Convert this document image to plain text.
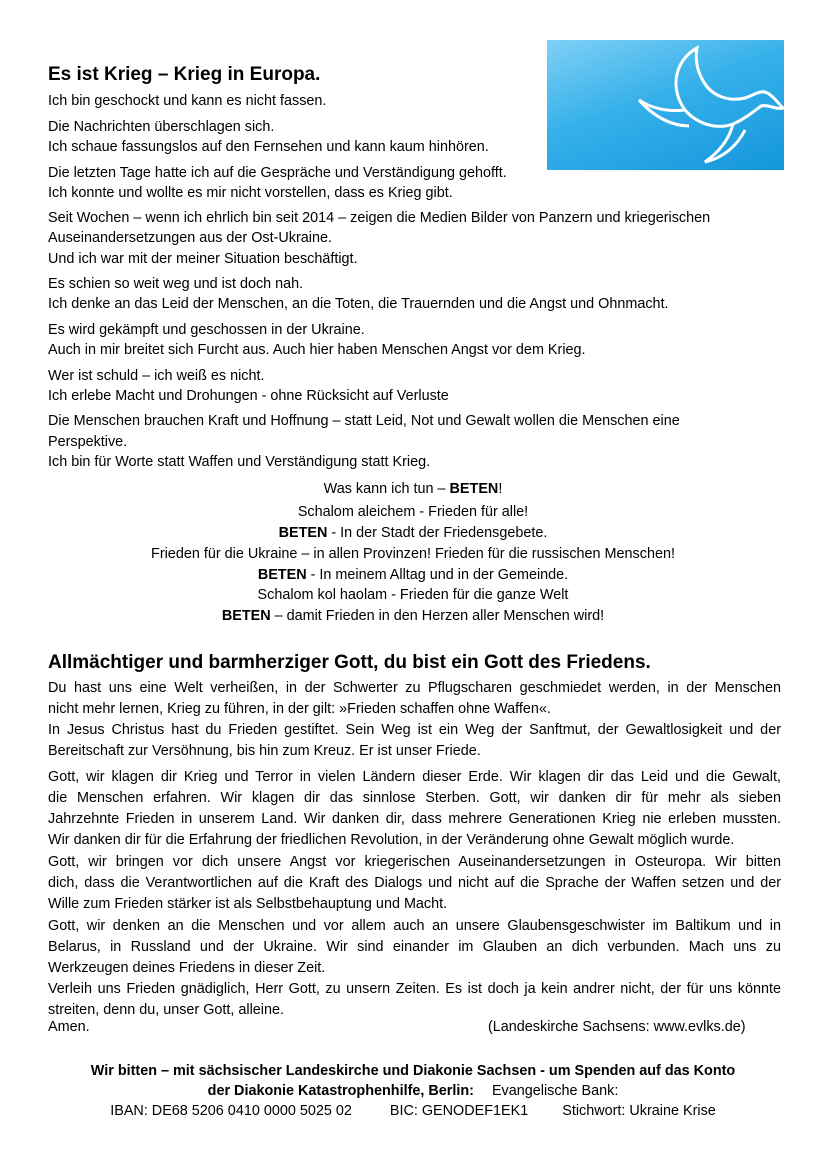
Es ist Krieg – Krieg in Europa.
Ich bin geschockt und kann es nicht fassen.
Die Nachrichten überschlagen sich.
Ich schaue fassungslos auf den Fernsehen und kann kaum hinhören.
Die letzten Tage hatte ich auf die Gespräche und Verständigung gehofft.
Ich konnte und wollte es mir nicht vorstellen, dass es Krieg gibt.
Seit Wochen – wenn ich ehrlich bin seit 2014 – zeigen die Medien Bilder von Panzern und kriegerischen
Auseinandersetzungen aus der Ost-Ukraine.
Und ich war mit der meiner Situation beschäftigt.
Es schien so weit weg und ist doch nah.
Ich denke an das Leid der Menschen, an die Toten, die Trauernden und die Angst und Ohnmacht.
Es wird gekämpft und geschossen in der Ukraine.
Auch in mir breitet sich Furcht aus. Auch hier haben Menschen Angst vor dem Krieg.
Wer ist schuld – ich weiß es nicht.
Ich erlebe Macht und Drohungen - ohne Rücksicht auf Verluste
Die Menschen brauchen Kraft und Hoffnung – statt Leid, Not und Gewalt wollen die Menschen eine
Perspektive.
Ich bin für Worte statt Waffen und Verständigung statt Krieg.
Was kann ich tun – BETEN!
Schalom aleichem - Frieden für alle!
BETEN - In der Stadt der Friedensgebete.
Frieden für die Ukraine – in allen Provinzen! Frieden für die russischen Menschen!
BETEN - In meinem Alltag und in der Gemeinde.
Schalom kol haolam - Frieden für die ganze Welt
BETEN – damit Frieden in den Herzen aller Menschen wird!
Allmächtiger und barmherziger Gott, du bist ein Gott des Friedens.
Du hast uns eine Welt verheißen, in der Schwerter zu Pflugscharen geschmiedet werden, in der Menschen
nicht mehr lernen, Krieg zu führen, in der gilt: »Frieden schaffen ohne Waffen«.
In Jesus Christus hast du Frieden gestiftet. Sein Weg ist ein Weg der Sanftmut, der Gewaltlosigkeit und der
Bereitschaft zur Versöhnung, bis hin zum Kreuz. Er ist unser Friede.
Gott, wir klagen dir Krieg und Terror in vielen Ländern dieser Erde. Wir klagen dir das Leid und die Gewalt,
die Menschen erfahren. Wir klagen dir das sinnlose Sterben. Gott, wir danken dir für mehr als sieben
Jahrzehnte Frieden in unserem Land. Wir danken dir, dass mehrere Generationen Krieg nie erleben mussten.
Wir danken dir für die Erfahrung der friedlichen Revolution, in der Veränderung ohne Gewalt möglich wurde.
Gott, wir bringen vor dich unsere Angst vor kriegerischen Auseinandersetzungen in Osteuropa. Wir bitten
dich, dass die Verantwortlichen auf die Kraft des Dialogs und nicht auf die Sprache der Waffen setzen und der
Wille zum Frieden stärker ist als Selbstbehauptung und Macht.
Gott, wir denken an die Menschen und vor allem auch an unsere Glaubensgeschwister im Baltikum und in
Belarus, in Russland und der Ukraine. Wir sind einander im Glauben an dich verbunden. Mach uns zu
Werkzeugen deines Friedens in dieser Zeit.
Verleih uns Frieden gnädiglich, Herr Gott, zu unsern Zeiten. Es ist doch ja kein andrer nicht, der für uns könnte
streiten, denn du, unser Gott, alleine.
Amen.	(Landeskirche Sachsens: www.evlks.de)
Wir bitten – mit sächsischer Landeskirche und Diakonie Sachsen - um Spenden auf das Konto
der Diakonie Katastrophenhilfe, Berlin: Evangelische Bank:
IBAN: DE68 5206 0410 0000 5025 02	BIC: GENODEF1EK1 Stichwort: Ukraine Krise
